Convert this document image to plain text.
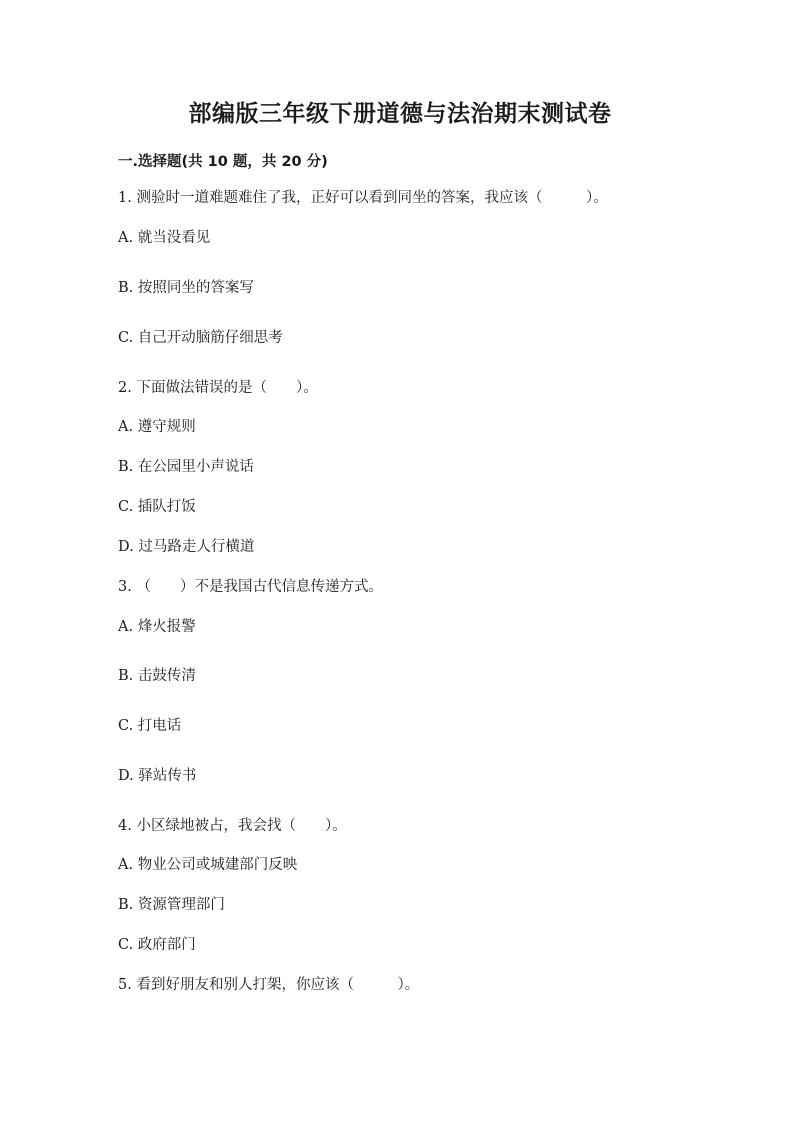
部编版三年级下册道德与法治期末测试卷
一.选择题(共 10 题，共 20 分)
1. 测验时一道难题难住了我，正好可以看到同坐的答案，我应该（　　　）。
A. 就当没看见
B. 按照同坐的答案写
C. 自己开动脑筋仔细思考
2. 下面做法错误的是（　　）。
A. 遵守规则
B. 在公园里小声说话
C. 插队打饭
D. 过马路走人行横道
3. （　　）不是我国古代信息传递方式。
A. 烽火报警
B. 击鼓传清
C. 打电话
D. 驿站传书
4. 小区绿地被占，我会找（　　）。
A. 物业公司或城建部门反映
B. 资源管理部门
C. 政府部门
5. 看到好朋友和别人打架，你应该（　　　）。
